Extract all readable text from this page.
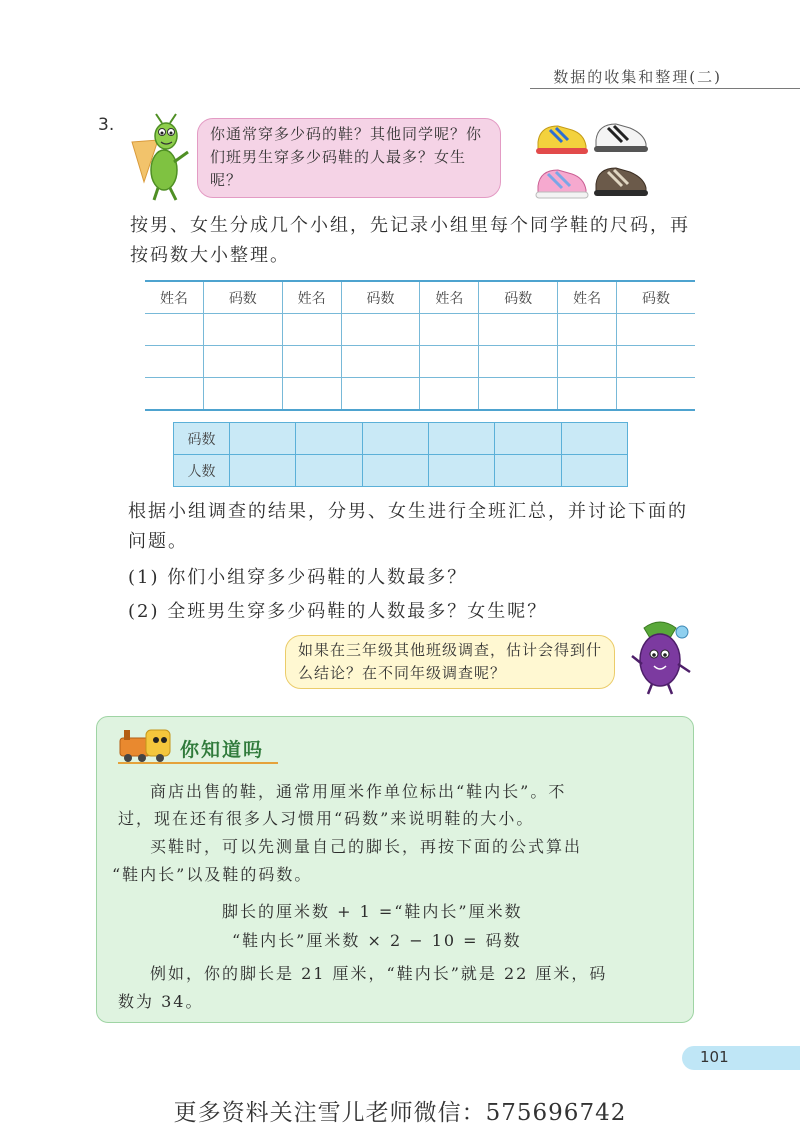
数据的收集和整理(二)
3.	你通常穿多少码的鞋？其他同学呢？你们班男生穿多少码鞋的人最多？女生呢？
按男、女生分成几个小组，先记录小组里每个同学鞋的尺码，再按码数大小整理。
姓名	码数	姓名	码数	姓名	码数	姓名	码数

码数						
人数						
根据小组调查的结果，分男、女生进行全班汇总，并讨论下面的问题。
(1) 你们小组穿多少码鞋的人数最多？
(2) 全班男生穿多少码鞋的人数最多？女生呢？
如果在三年级其他班级调查，估计会得到什么结论？在不同年级调查呢？
你知道吗
商店出售的鞋，通常用厘米作单位标出“鞋内长”。不
过，现在还有很多人习惯用“码数”来说明鞋的大小。
买鞋时，可以先测量自己的脚长，再按下面的公式算出
“鞋内长”以及鞋的码数。
脚长的厘米数 + 1 =“鞋内长”厘米数
“鞋内长”厘米数 × 2 − 10 = 码数
例如，你的脚长是 21 厘米，“鞋内长”就是 22 厘米，码
数为 34。
101
更多资料关注雪儿老师微信：575696742
